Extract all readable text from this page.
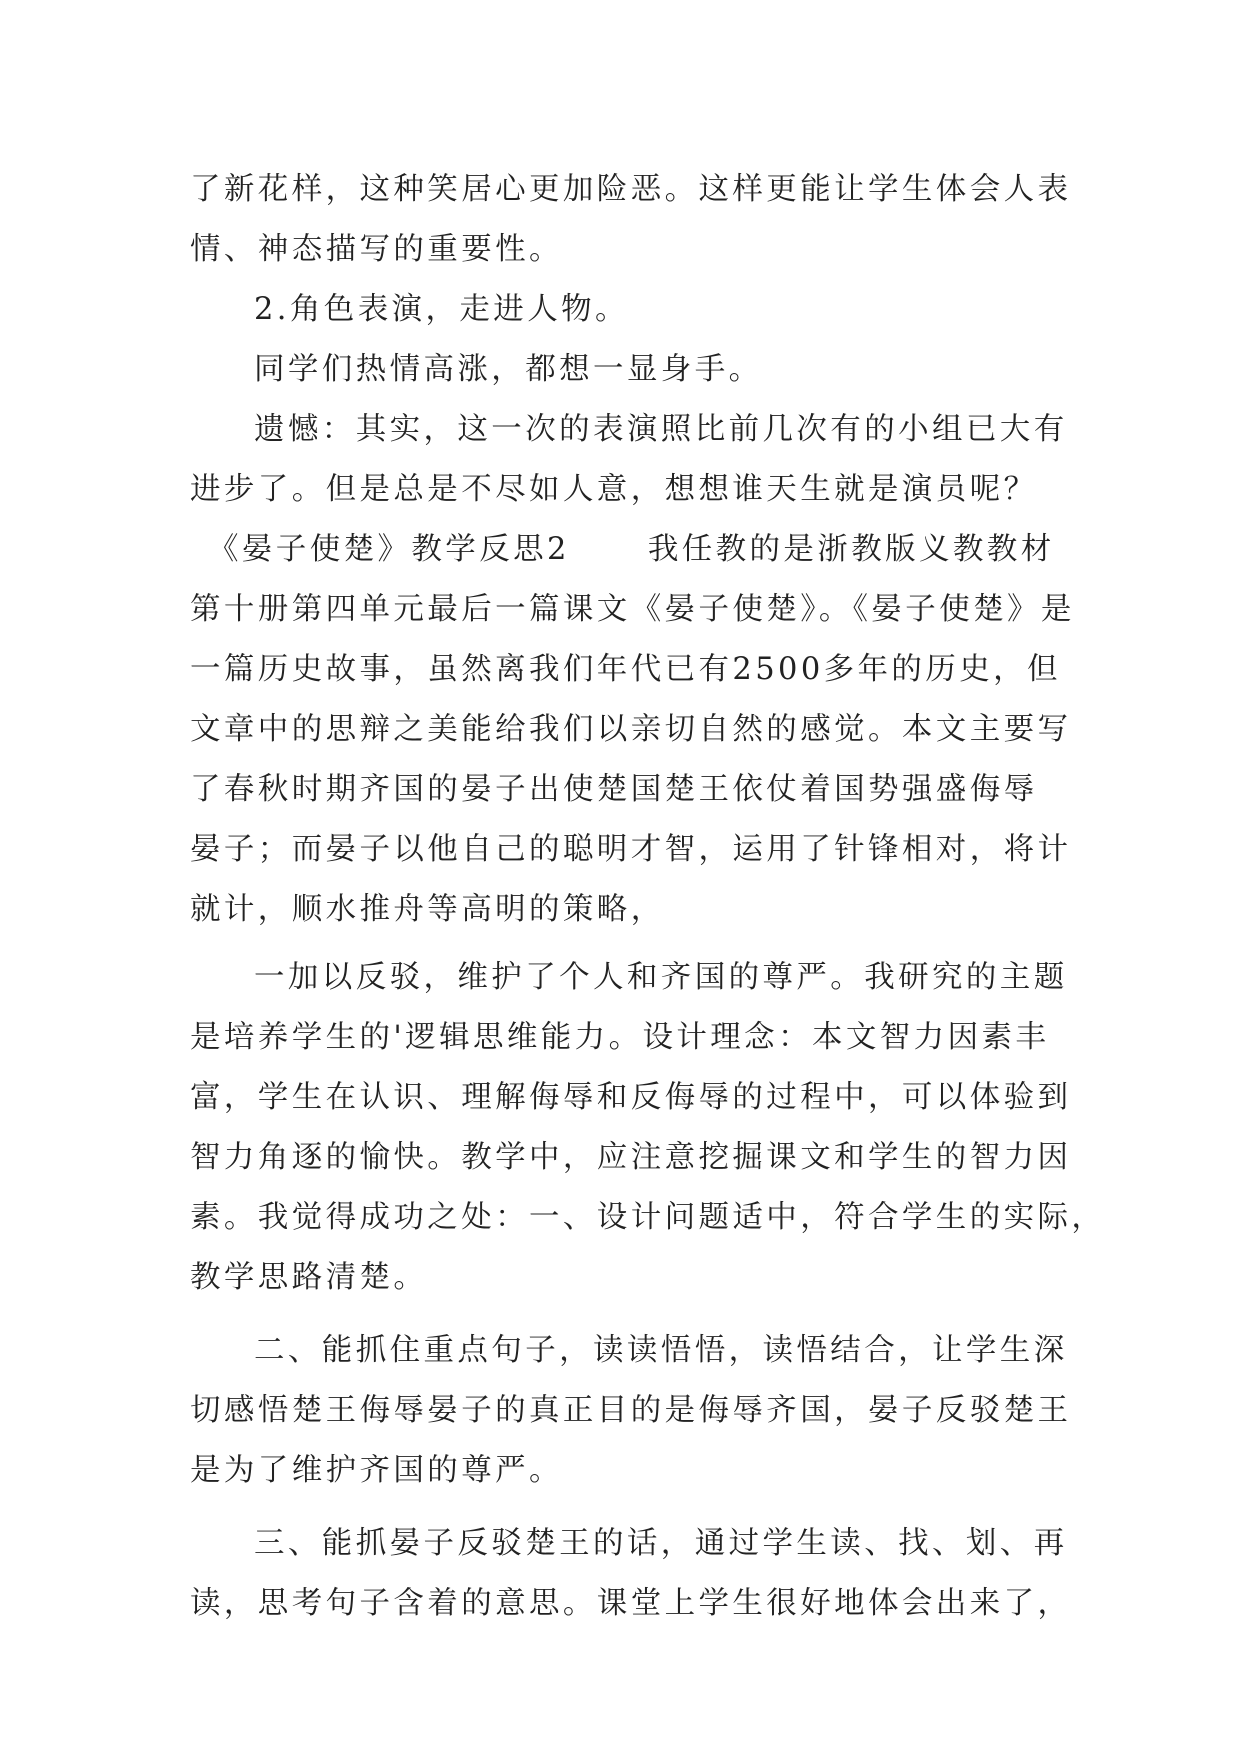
了新花样，这种笑居心更加险恶。这样更能让学生体会人表
情、神态描写的重要性。
2.角色表演，走进人物。
同学们热情高涨，都想一显身手。
遗憾：其实，这一次的表演照比前几次有的小组已大有
进步了。但是总是不尽如人意，想想谁天生就是演员呢？
《晏子使楚》教学反思2	我任教的是浙教版义教教材
第十册第四单元最后一篇课文《晏子使楚》。《晏子使楚》是
一篇历史故事，虽然离我们年代已有2500多年的历史，但
文章中的思辩之美能给我们以亲切自然的感觉。本文主要写
了春秋时期齐国的晏子出使楚国楚王依仗着国势强盛侮辱
晏子；而晏子以他自己的聪明才智，运用了针锋相对，将计
就计，顺水推舟等高明的策略，
一加以反驳，维护了个人和齐国的尊严。我研究的主题
是培养学生的'逻辑思维能力。设计理念：本文智力因素丰
富，学生在认识、理解侮辱和反侮辱的过程中，可以体验到
智力角逐的愉快。教学中，应注意挖掘课文和学生的智力因
素。我觉得成功之处：一、设计问题适中，符合学生的实际，
教学思路清楚。
二、能抓住重点句子，读读悟悟，读悟结合，让学生深
切感悟楚王侮辱晏子的真正目的是侮辱齐国，晏子反驳楚王
是为了维护齐国的尊严。
三、能抓晏子反驳楚王的话，通过学生读、找、划、再
读，思考句子含着的意思。课堂上学生很好地体会出来了，
